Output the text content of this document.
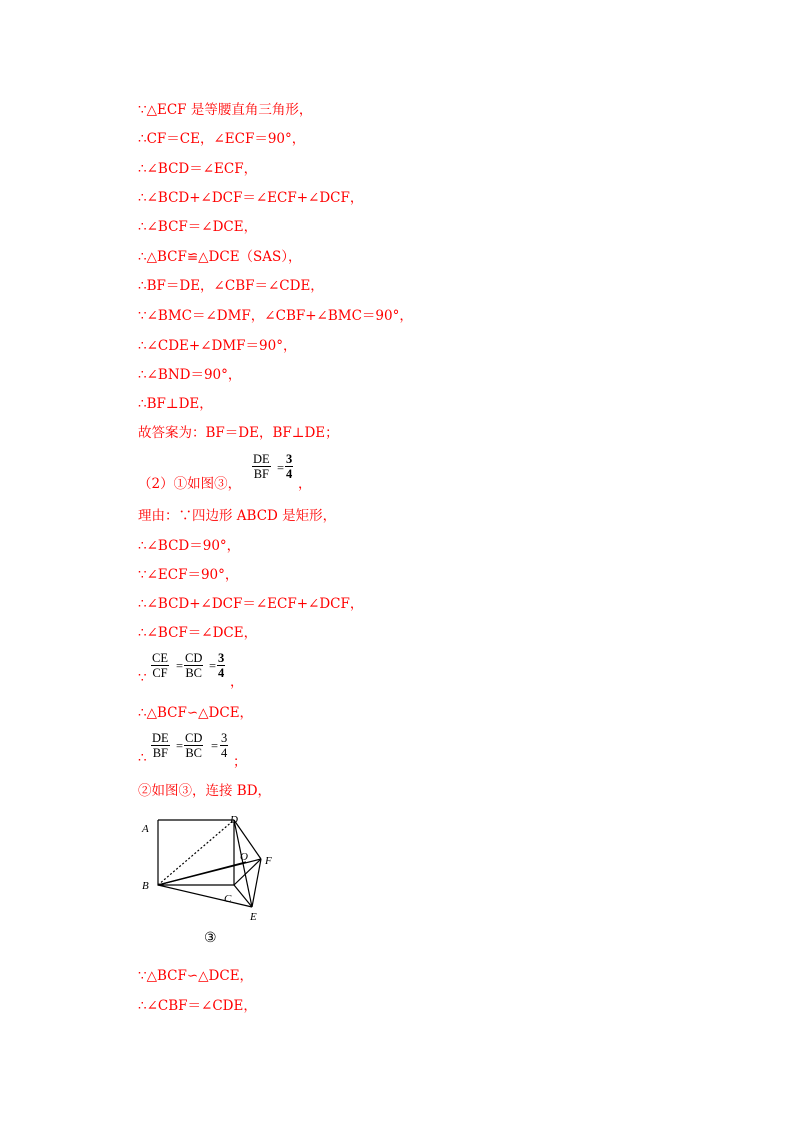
∵△ECF 是等腰直角三角形，
∴CF＝CE，∠ECF＝90°，
∴∠BCD＝∠ECF，
∴∠BCD+∠DCF＝∠ECF+∠DCF，
∴∠BCF＝∠DCE，
∴△BCF≌△DCE（SAS），
∴BF＝DE，∠CBF＝∠CDE，
∵∠BMC＝∠DMF，∠CBF+∠BMC＝90°，
∴∠CDE+∠DMF＝90°，
∴∠BND＝90°，
∴BF⊥DE，
故答案为：BF＝DE，BF⊥DE；
（2）①如图③，
DE
BF =
3
4
，
理由：∵四边形 ABCD 是矩形，
∴∠BCD＝90°，
∵∠ECF＝90°，
∴∠BCD+∠DCF＝∠ECF+∠DCF，
∴∠BCF＝∠DCE，
∵
CE
CF =
CD
BC =
3
4
，
∴△BCF∽△DCE，
∴
DE
BF =
CD
BC =
3
4
；
②如图③，连接 BD，
A
B
C
D
E
F
O
③
∵△BCF∽△DCE，
∴∠CBF＝∠CDE，
